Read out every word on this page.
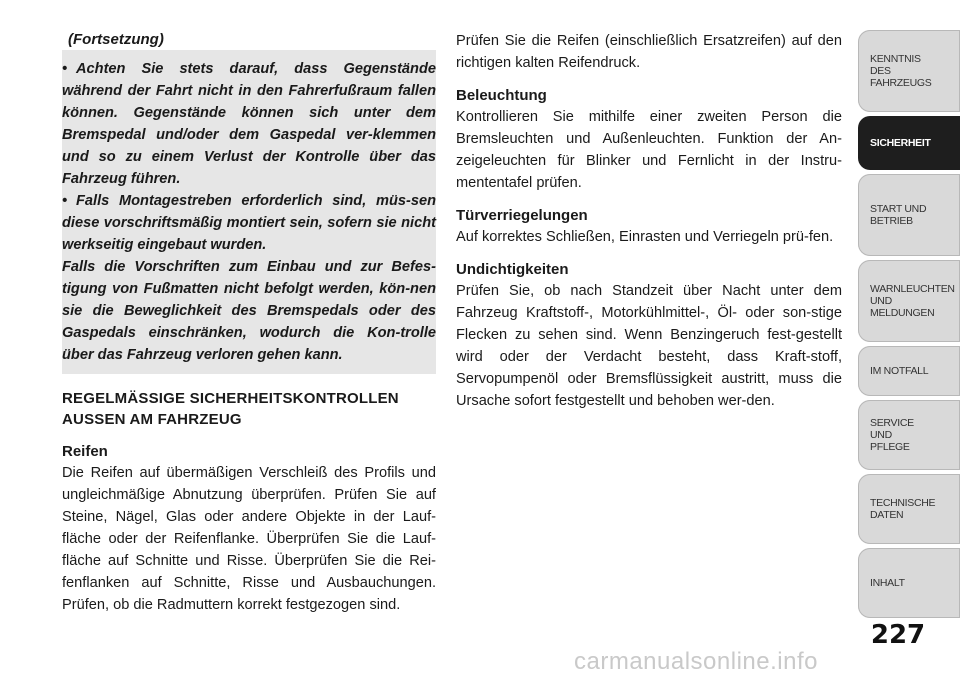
(Fortsetzung)

• Achten Sie stets darauf, dass Gegenstände während der Fahrt nicht in den Fahrerfußraum fallen können. Gegenstände können sich unter dem Bremspedal und/oder dem Gaspedal ver-klemmen und so zu einem Verlust der Kontrolle über das Fahrzeug führen.

• Falls Montagestreben erforderlich sind, müs-sen diese vorschriftsmäßig montiert sein, sofern sie nicht werkseitig eingebaut wurden.

Falls die Vorschriften zum Einbau und zur Befes-tigung von Fußmatten nicht befolgt werden, kön-nen sie die Beweglichkeit des Bremspedals oder des Gaspedals einschränken, wodurch die Kon-trolle über das Fahrzeug verloren gehen kann.

REGELMÄSSIGE SICHERHEITSKONTROLLEN AUSSEN AM FAHRZEUG
Reifen

Die Reifen auf übermäßigen Verschleiß des Profils und ungleichmäßige Abnutzung überprüfen. Prüfen Sie auf Steine, Nägel, Glas oder andere Objekte in der Lauf-fläche oder der Reifenflanke. Überprüfen Sie die Lauf-fläche auf Schnitte und Risse. Überprüfen Sie die Rei-fenflanken auf Schnitte, Risse und Ausbauchungen. Prüfen, ob die Radmuttern korrekt festgezogen sind.

Prüfen Sie die Reifen (einschließlich Ersatzreifen) auf den richtigen kalten Reifendruck.

Beleuchtung

Kontrollieren Sie mithilfe einer zweiten Person die Bremsleuchten und Außenleuchten. Funktion der An-zeigeleuchten für Blinker und Fernlicht in der Instru-mententafel prüfen.

Türverriegelungen

Auf korrektes Schließen, Einrasten und Verriegeln prü-fen.

Undichtigkeiten

Prüfen Sie, ob nach Standzeit über Nacht unter dem Fahrzeug Kraftstoff-, Motorkühlmittel-, Öl- oder son-stige Flecken zu sehen sind. Wenn Benzingeruch fest-gestellt wird oder der Verdacht besteht, dass Kraft-stoff, Servopumpenöl oder Bremsflüssigkeit austritt, muss die Ursache sofort festgestellt und behoben wer-den.

KENNTNIS
DES
FAHRZEUGS
SICHERHEIT
START UND
BETRIEB
WARNLEUCHTEN
UND
MELDUNGEN
IM NOTFALL
SERVICE
UND
PFLEGE
TECHNISCHE
DATEN
INHALT
227
carmanualsonline.info
